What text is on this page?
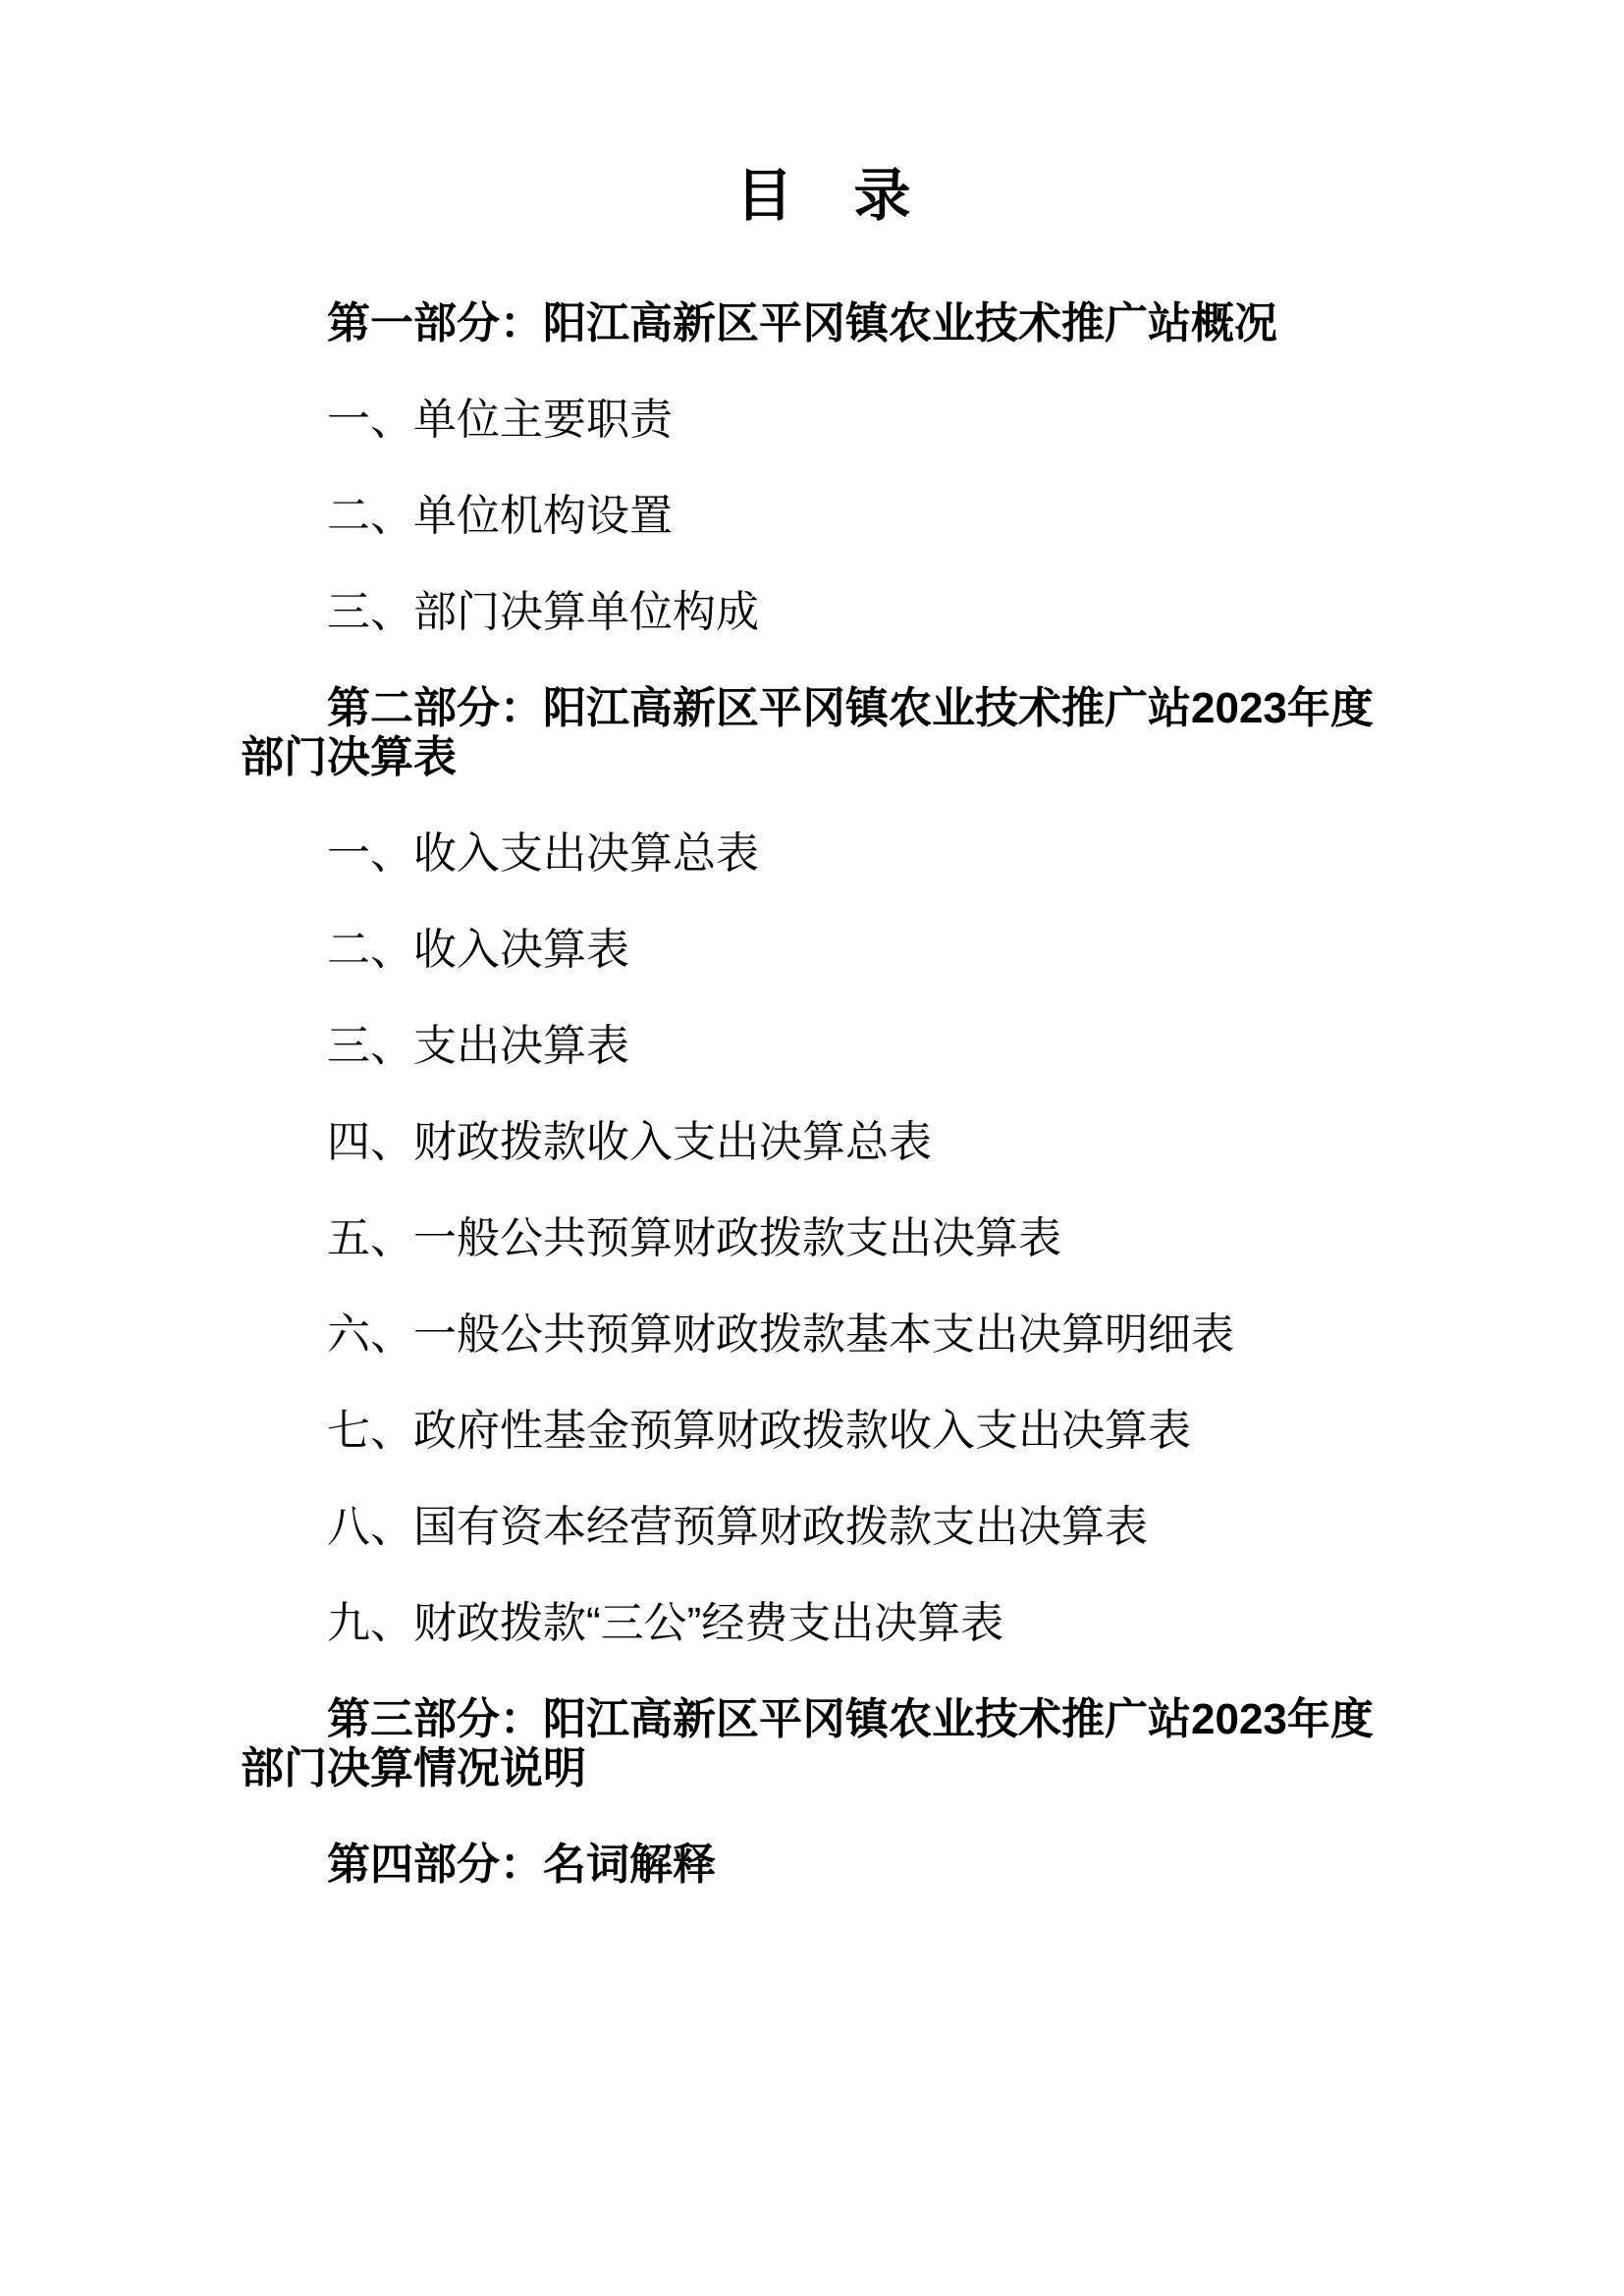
目　录

第一部分：阳江高新区平冈镇农业技术推广站概况

一、单位主要职责

二、单位机构设置

三、部门决算单位构成

第二部分：阳江高新区平冈镇农业技术推广站2023年度
部门决算表

一、收入支出决算总表

二、收入决算表

三、支出决算表

四、财政拨款收入支出决算总表

五、一般公共预算财政拨款支出决算表

六、一般公共预算财政拨款基本支出决算明细表

七、政府性基金预算财政拨款收入支出决算表

八、国有资本经营预算财政拨款支出决算表

九、财政拨款“三公”经费支出决算表

第三部分：阳江高新区平冈镇农业技术推广站2023年度
部门决算情况说明

第四部分：名词解释
